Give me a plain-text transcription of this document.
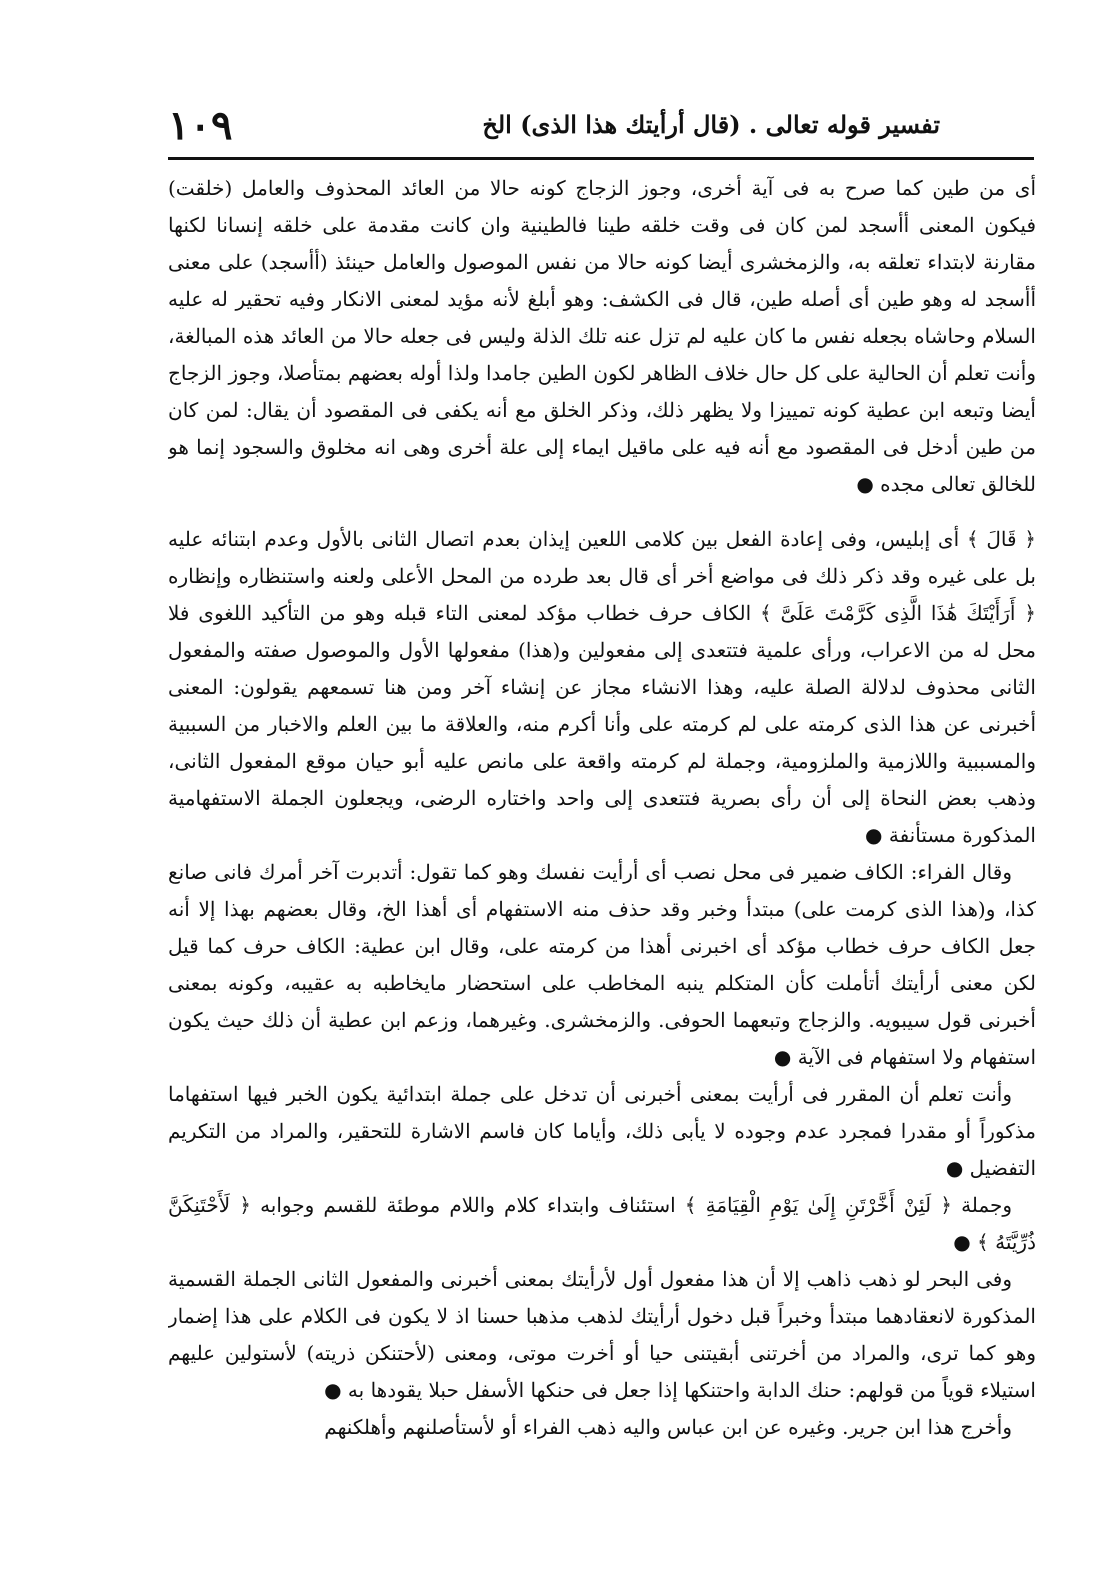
تفسير قوله تعالى . (قال أرأيتك هذا الذى) الخ
١٠٩

أى من طين كما صرح به فى آية أخرى، وجوز الزجاج كونه حالا من العائد المحذوف والعامل (خلقت) فيكون المعنى أأسجد لمن كان فى وقت خلقه طينا فالطينية وان كانت مقدمة على خلقه إنسانا لكنها مقارنة لابتداء تعلقه به، والزمخشرى أيضا كونه حالا من نفس الموصول والعامل حينئذ (أأسجد) على معنى أأسجد له وهو طين أى أصله طين، قال فى الكشف: وهو أبلغ لأنه مؤيد لمعنى الانكار وفيه تحقير له عليه السلام وحاشاه بجعله نفس ما كان عليه لم تزل عنه تلك الذلة وليس فى جعله حالا من العائد هذه المبالغة، وأنت تعلم أن الحالية على كل حال خلاف الظاهر لكون الطين جامدا ولذا أوله بعضهم بمتأصلا، وجوز الزجاج أيضا وتبعه ابن عطية كونه تمييزا ولا يظهر ذلك، وذكر الخلق مع أنه يكفى فى المقصود أن يقال: لمن كان من طين أدخل فى المقصود مع أنه فيه على ماقيل ايماء إلى علة أخرى وهى انه مخلوق والسجود إنما هو للخالق تعالى مجده ●

﴿ قَالَ ﴾ أى إبليس، وفى إعادة الفعل بين كلامى اللعين إيذان بعدم اتصال الثانى بالأول وعدم ابتنائه عليه بل على غيره وقد ذكر ذلك فى مواضع أخر أى قال بعد طرده من المحل الأعلى ولعنه واستنظاره وإنظاره ﴿ أَرَأَيْتَكَ هَٰذَا الَّذِى كَرَّمْتَ عَلَىَّ ﴾ الكاف حرف خطاب مؤكد لمعنى التاء قبله وهو من التأكيد اللغوى فلا محل له من الاعراب، ورأى علمية فتتعدى إلى مفعولين و(هذا) مفعولها الأول والموصول صفته والمفعول الثانى محذوف لدلالة الصلة عليه، وهذا الانشاء مجاز عن إنشاء آخر ومن هنا تسمعهم يقولون: المعنى أخبرنى عن هذا الذى كرمته على لم كرمته على وأنا أكرم منه، والعلاقة ما بين العلم والاخبار من السببية والمسببية واللازمية والملزومية، وجملة لم كرمته واقعة على مانص عليه أبو حيان موقع المفعول الثانى، وذهب بعض النحاة إلى أن رأى بصرية فتتعدى إلى واحد واختاره الرضى، ويجعلون الجملة الاستفهامية المذكورة مستأنفة ●

وقال الفراء: الكاف ضمير فى محل نصب أى أرأيت نفسك وهو كما تقول: أتدبرت آخر أمرك فانى صانع كذا، و(هذا الذى كرمت على) مبتدأ وخبر وقد حذف منه الاستفهام أى أهذا الخ، وقال بعضهم بهذا إلا أنه جعل الكاف حرف خطاب مؤكد أى اخبرنى أهذا من كرمته على، وقال ابن عطية: الكاف حرف كما قيل لكن معنى أرأيتك أتأملت كأن المتكلم ينبه المخاطب على استحضار مايخاطبه به عقيبه، وكونه بمعنى أخبرنى قول سيبويه. والزجاج وتبعهما الحوفى. والزمخشرى. وغيرهما، وزعم ابن عطية أن ذلك حيث يكون استفهام ولا استفهام فى الآية ●

وأنت تعلم أن المقرر فى أرأيت بمعنى أخبرنى أن تدخل على جملة ابتدائية يكون الخبر فيها استفهاما مذكوراً أو مقدرا فمجرد عدم وجوده لا يأبى ذلك، وأياما كان فاسم الاشارة للتحقير، والمراد من التكريم التفضيل ●

وجملة ﴿ لَئِنْ أَخَّرْتَنِ إِلَىٰ يَوْمِ الْقِيَامَةِ ﴾ استئناف وابتداء كلام واللام موطئة للقسم وجوابه ﴿ لَأَحْتَنِكَنَّ ذُرِّيَّتَهُ ﴾ ●

وفى البحر لو ذهب ذاهب إلا أن هذا مفعول أول لأرأيتك بمعنى أخبرنى والمفعول الثانى الجملة القسمية المذكورة لانعقادهما مبتدأ وخبراً قبل دخول أرأيتك لذهب مذهبا حسنا اذ لا يكون فى الكلام على هذا إضمار وهو كما ترى، والمراد من أخرتنى أبقيتنى حيا أو أخرت موتى، ومعنى (لأحتنكن ذريته) لأستولين عليهم استيلاء قوياً من قولهم: حنك الدابة واحتنكها إذا جعل فى حنكها الأسفل حبلا يقودها به ●

وأخرج هذا ابن جرير. وغيره عن ابن عباس واليه ذهب الفراء أو لأستأصلنهم وأهلكنهم
